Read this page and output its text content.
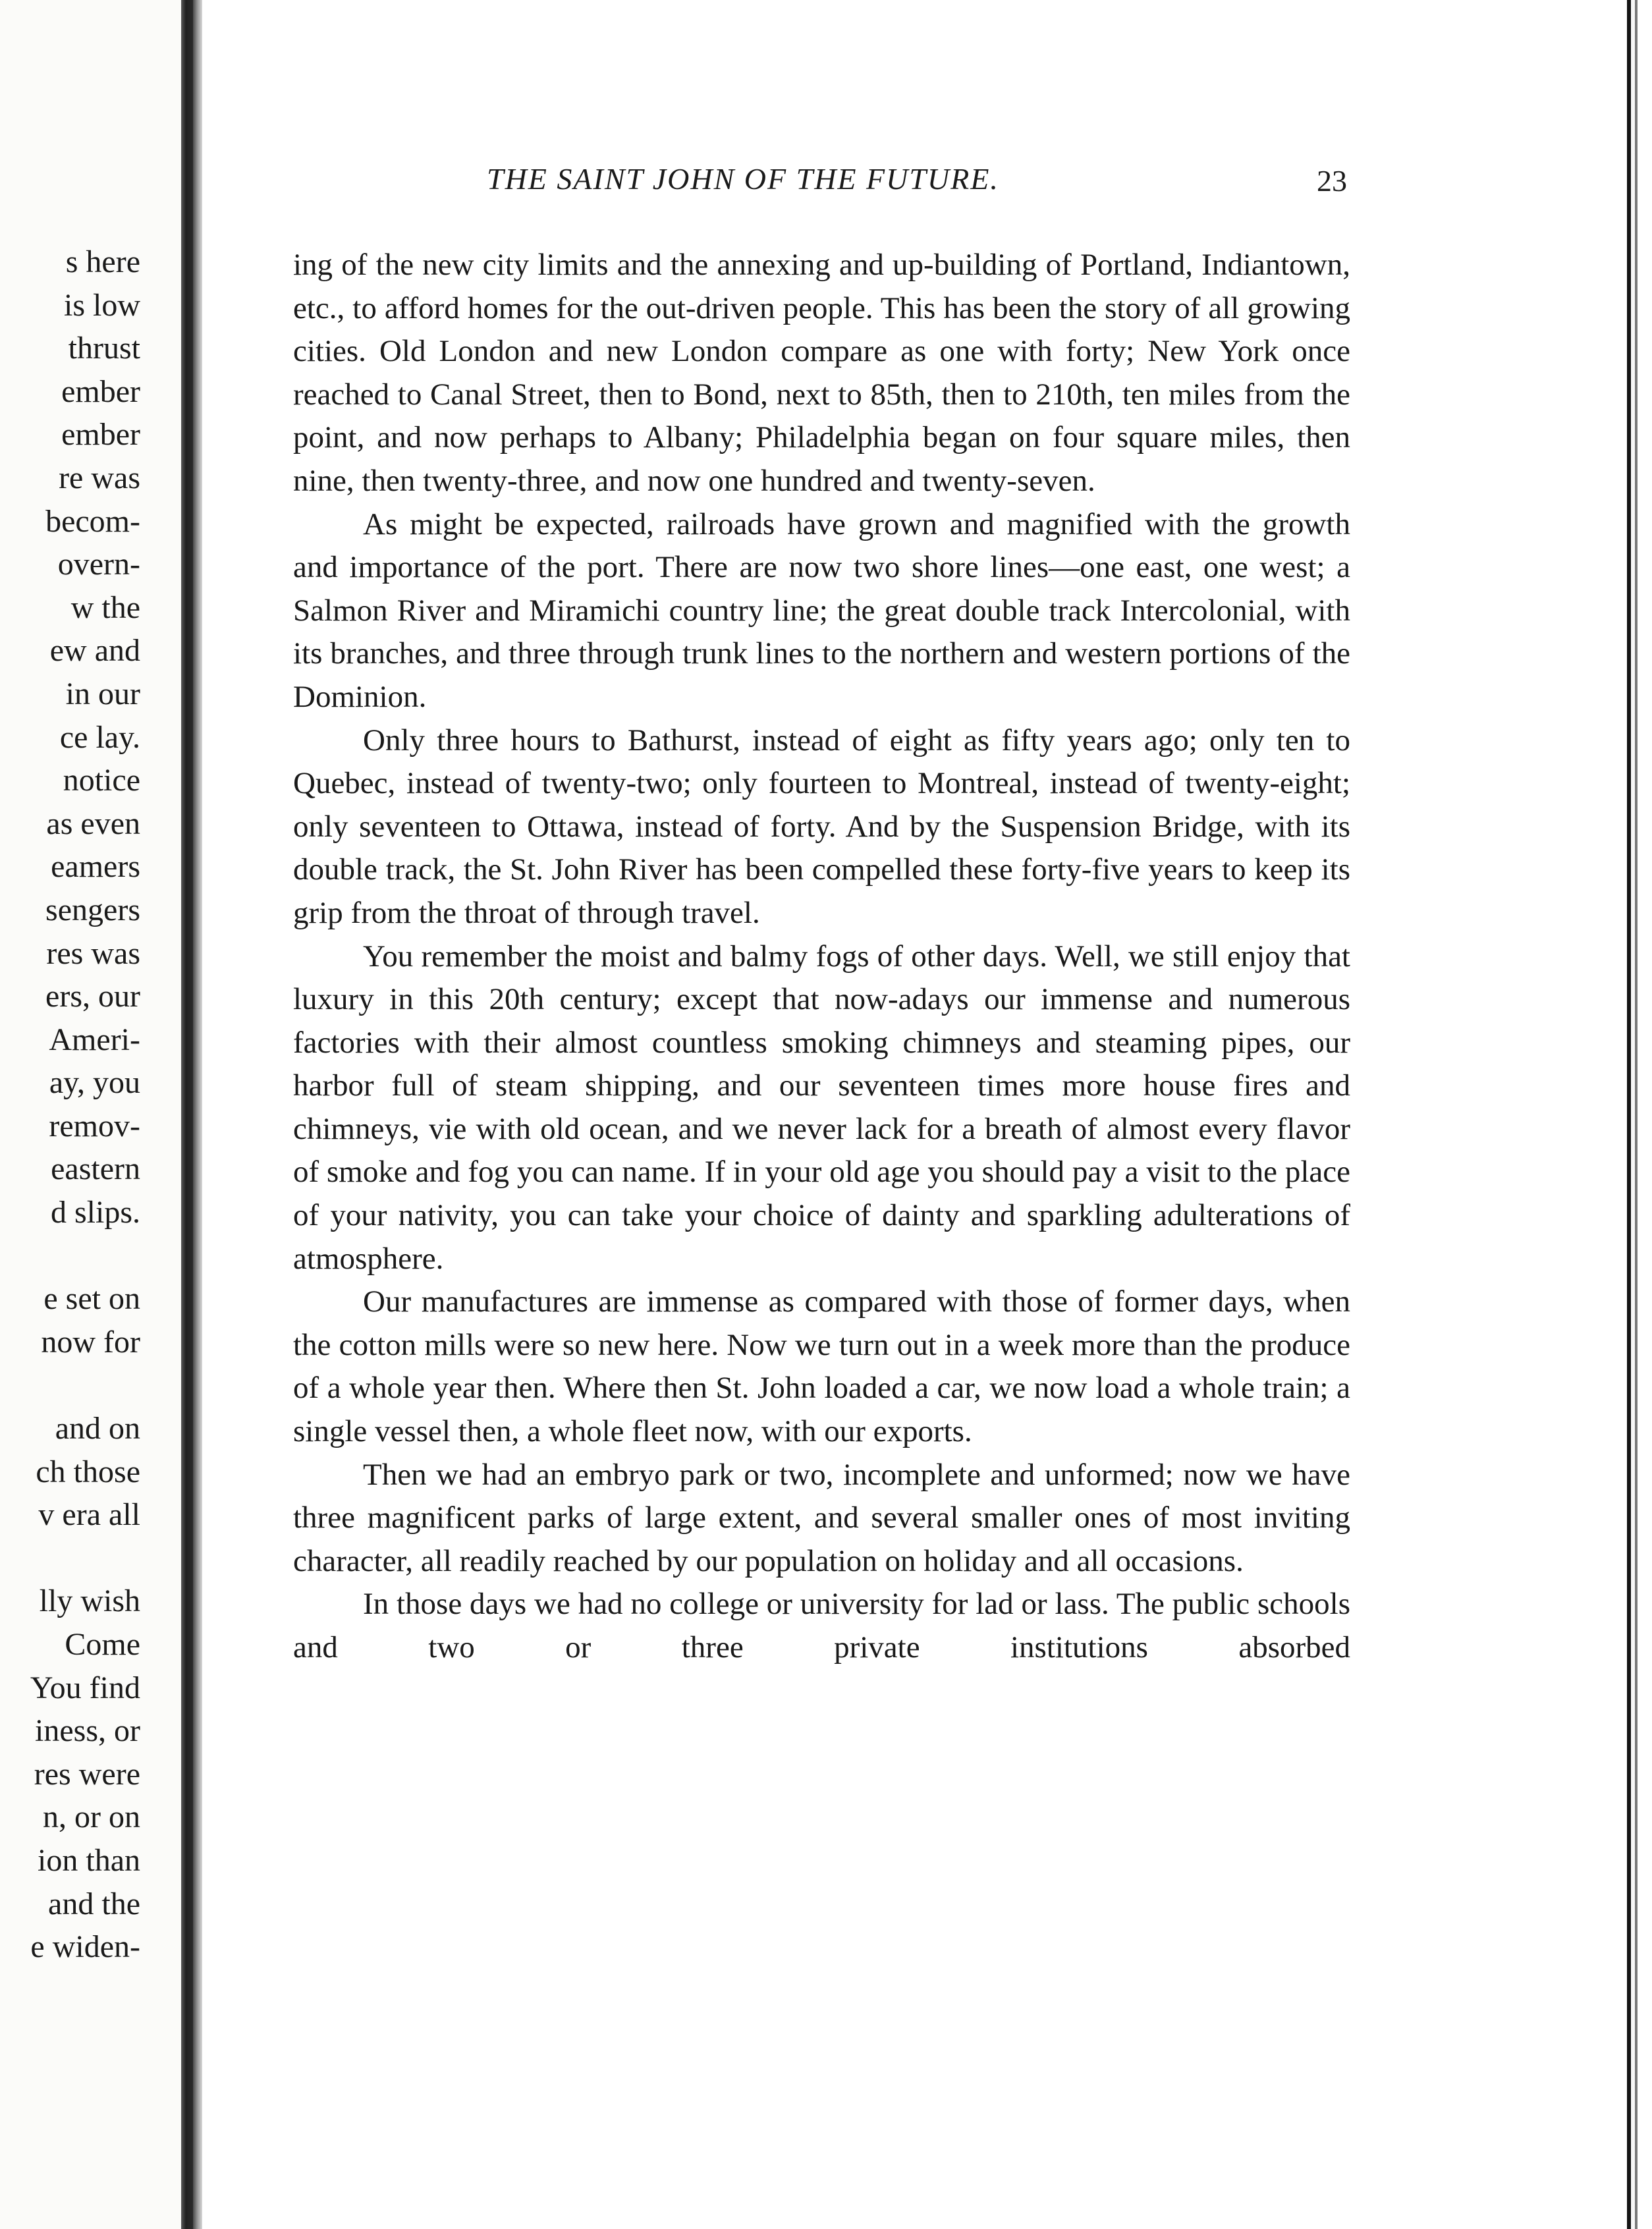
s here
is low
thrust
ember
ember
re was
becom-
overn-
w the
ew and
in our
ce lay.
notice
as even
eamers
sengers
res was
ers, our
Ameri-
ay, you
remov-
eastern
d slips.

e set on
now for

and on
ch those
v era all

lly wish
Come
You find
iness, or
res were
n, or on
ion than
and the
e widen-
THE SAINT JOHN OF THE FUTURE.	23

ing of the new city limits and the annexing and up-building of Portland, Indiantown, etc., to afford homes for the out-driven people. This has been the story of all growing cities. Old London and new London compare as one with forty; New York once reached to Canal Street, then to Bond, next to 85th, then to 210th, ten miles from the point, and now perhaps to Albany; Philadelphia began on four square miles, then nine, then twenty-three, and now one hundred and twenty-seven.

As might be expected, railroads have grown and magnified with the growth and importance of the port. There are now two shore lines—one east, one west; a Salmon River and Miramichi country line; the great double track Intercolonial, with its branches, and three through trunk lines to the northern and western portions of the Dominion.

Only three hours to Bathurst, instead of eight as fifty years ago; only ten to Quebec, instead of twenty-two; only fourteen to Montreal, instead of twenty-eight; only seventeen to Ottawa, instead of forty. And by the Suspension Bridge, with its double track, the St. John River has been compelled these forty-five years to keep its grip from the throat of through travel.

You remember the moist and balmy fogs of other days. Well, we still enjoy that luxury in this 20th century; except that now-adays our immense and numerous factories with their almost countless smoking chimneys and steaming pipes, our harbor full of steam shipping, and our seventeen times more house fires and chimneys, vie with old ocean, and we never lack for a breath of almost every flavor of smoke and fog you can name. If in your old age you should pay a visit to the place of your nativity, you can take your choice of dainty and sparkling adulterations of atmosphere.

Our manufactures are immense as compared with those of former days, when the cotton mills were so new here. Now we turn out in a week more than the produce of a whole year then. Where then St. John loaded a car, we now load a whole train; a single vessel then, a whole fleet now, with our exports.

Then we had an embryo park or two, incomplete and unformed; now we have three magnificent parks of large extent, and several smaller ones of most inviting character, all readily reached by our population on holiday and all occasions.

In those days we had no college or university for lad or lass. The public schools and two or three private institutions absorbed
